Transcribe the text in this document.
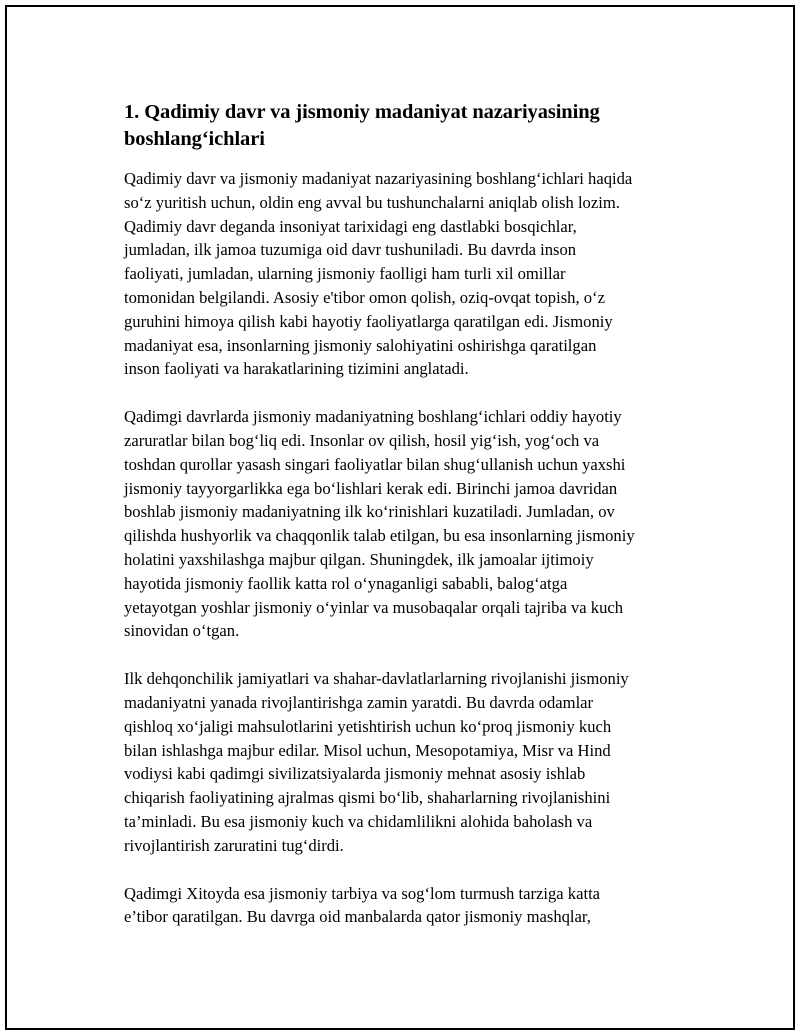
1. Qadimiy davr va jismoniy madaniyat nazariyasining boshlang‘ichlari

Qadimiy davr va jismoniy madaniyat nazariyasining boshlang‘ichlari haqida
so‘z yuritish uchun, oldin eng avval bu tushunchalarni aniqlab olish lozim.
Qadimiy davr deganda insoniyat tarixidagi eng dastlabki bosqichlar,
jumladan, ilk jamoa tuzumiga oid davr tushuniladi. Bu davrda inson
faoliyati, jumladan, ularning jismoniy faolligi ham turli xil omillar
tomonidan belgilandi. Asosiy e'tibor omon qolish, oziq-ovqat topish, o‘z
guruhini himoya qilish kabi hayotiy faoliyatlarga qaratilgan edi. Jismoniy
madaniyat esa, insonlarning jismoniy salohiyatini oshirishga qaratilgan
inson faoliyati va harakatlarining tizimini anglatadi.

Qadimgi davrlarda jismoniy madaniyatning boshlang‘ichlari oddiy hayotiy
zaruratlar bilan bog‘liq edi. Insonlar ov qilish, hosil yig‘ish, yog‘och va
toshdan qurollar yasash singari faoliyatlar bilan shug‘ullanish uchun yaxshi
jismoniy tayyorgarlikka ega bo‘lishlari kerak edi. Birinchi jamoa davridan
boshlab jismoniy madaniyatning ilk ko‘rinishlari kuzatiladi. Jumladan, ov
qilishda hushyorlik va chaqqonlik talab etilgan, bu esa insonlarning jismoniy
holatini yaxshilashga majbur qilgan. Shuningdek, ilk jamoalar ijtimoiy
hayotida jismoniy faollik katta rol o‘ynaganligi sababli, balog‘atga
yetayotgan yoshlar jismoniy o‘yinlar va musobaqalar orqali tajriba va kuch
sinovidan o‘tgan.

Ilk dehqonchilik jamiyatlari va shahar-davlatlarlarning rivojlanishi jismoniy
madaniyatni yanada rivojlantirishga zamin yaratdi. Bu davrda odamlar
qishloq xo‘jaligi mahsulotlarini yetishtirish uchun ko‘proq jismoniy kuch
bilan ishlashga majbur edilar. Misol uchun, Mesopotamiya, Misr va Hind
vodiysi kabi qadimgi sivilizatsiyalarda jismoniy mehnat asosiy ishlab
chiqarish faoliyatining ajralmas qismi bo‘lib, shaharlarning rivojlanishini
ta’minladi. Bu esa jismoniy kuch va chidamlilikni alohida baholash va
rivojlantirish zaruratini tug‘dirdi.

Qadimgi Xitoyda esa jismoniy tarbiya va sog‘lom turmush tarziga katta
e’tibor qaratilgan. Bu davrga oid manbalarda qator jismoniy mashqlar,
